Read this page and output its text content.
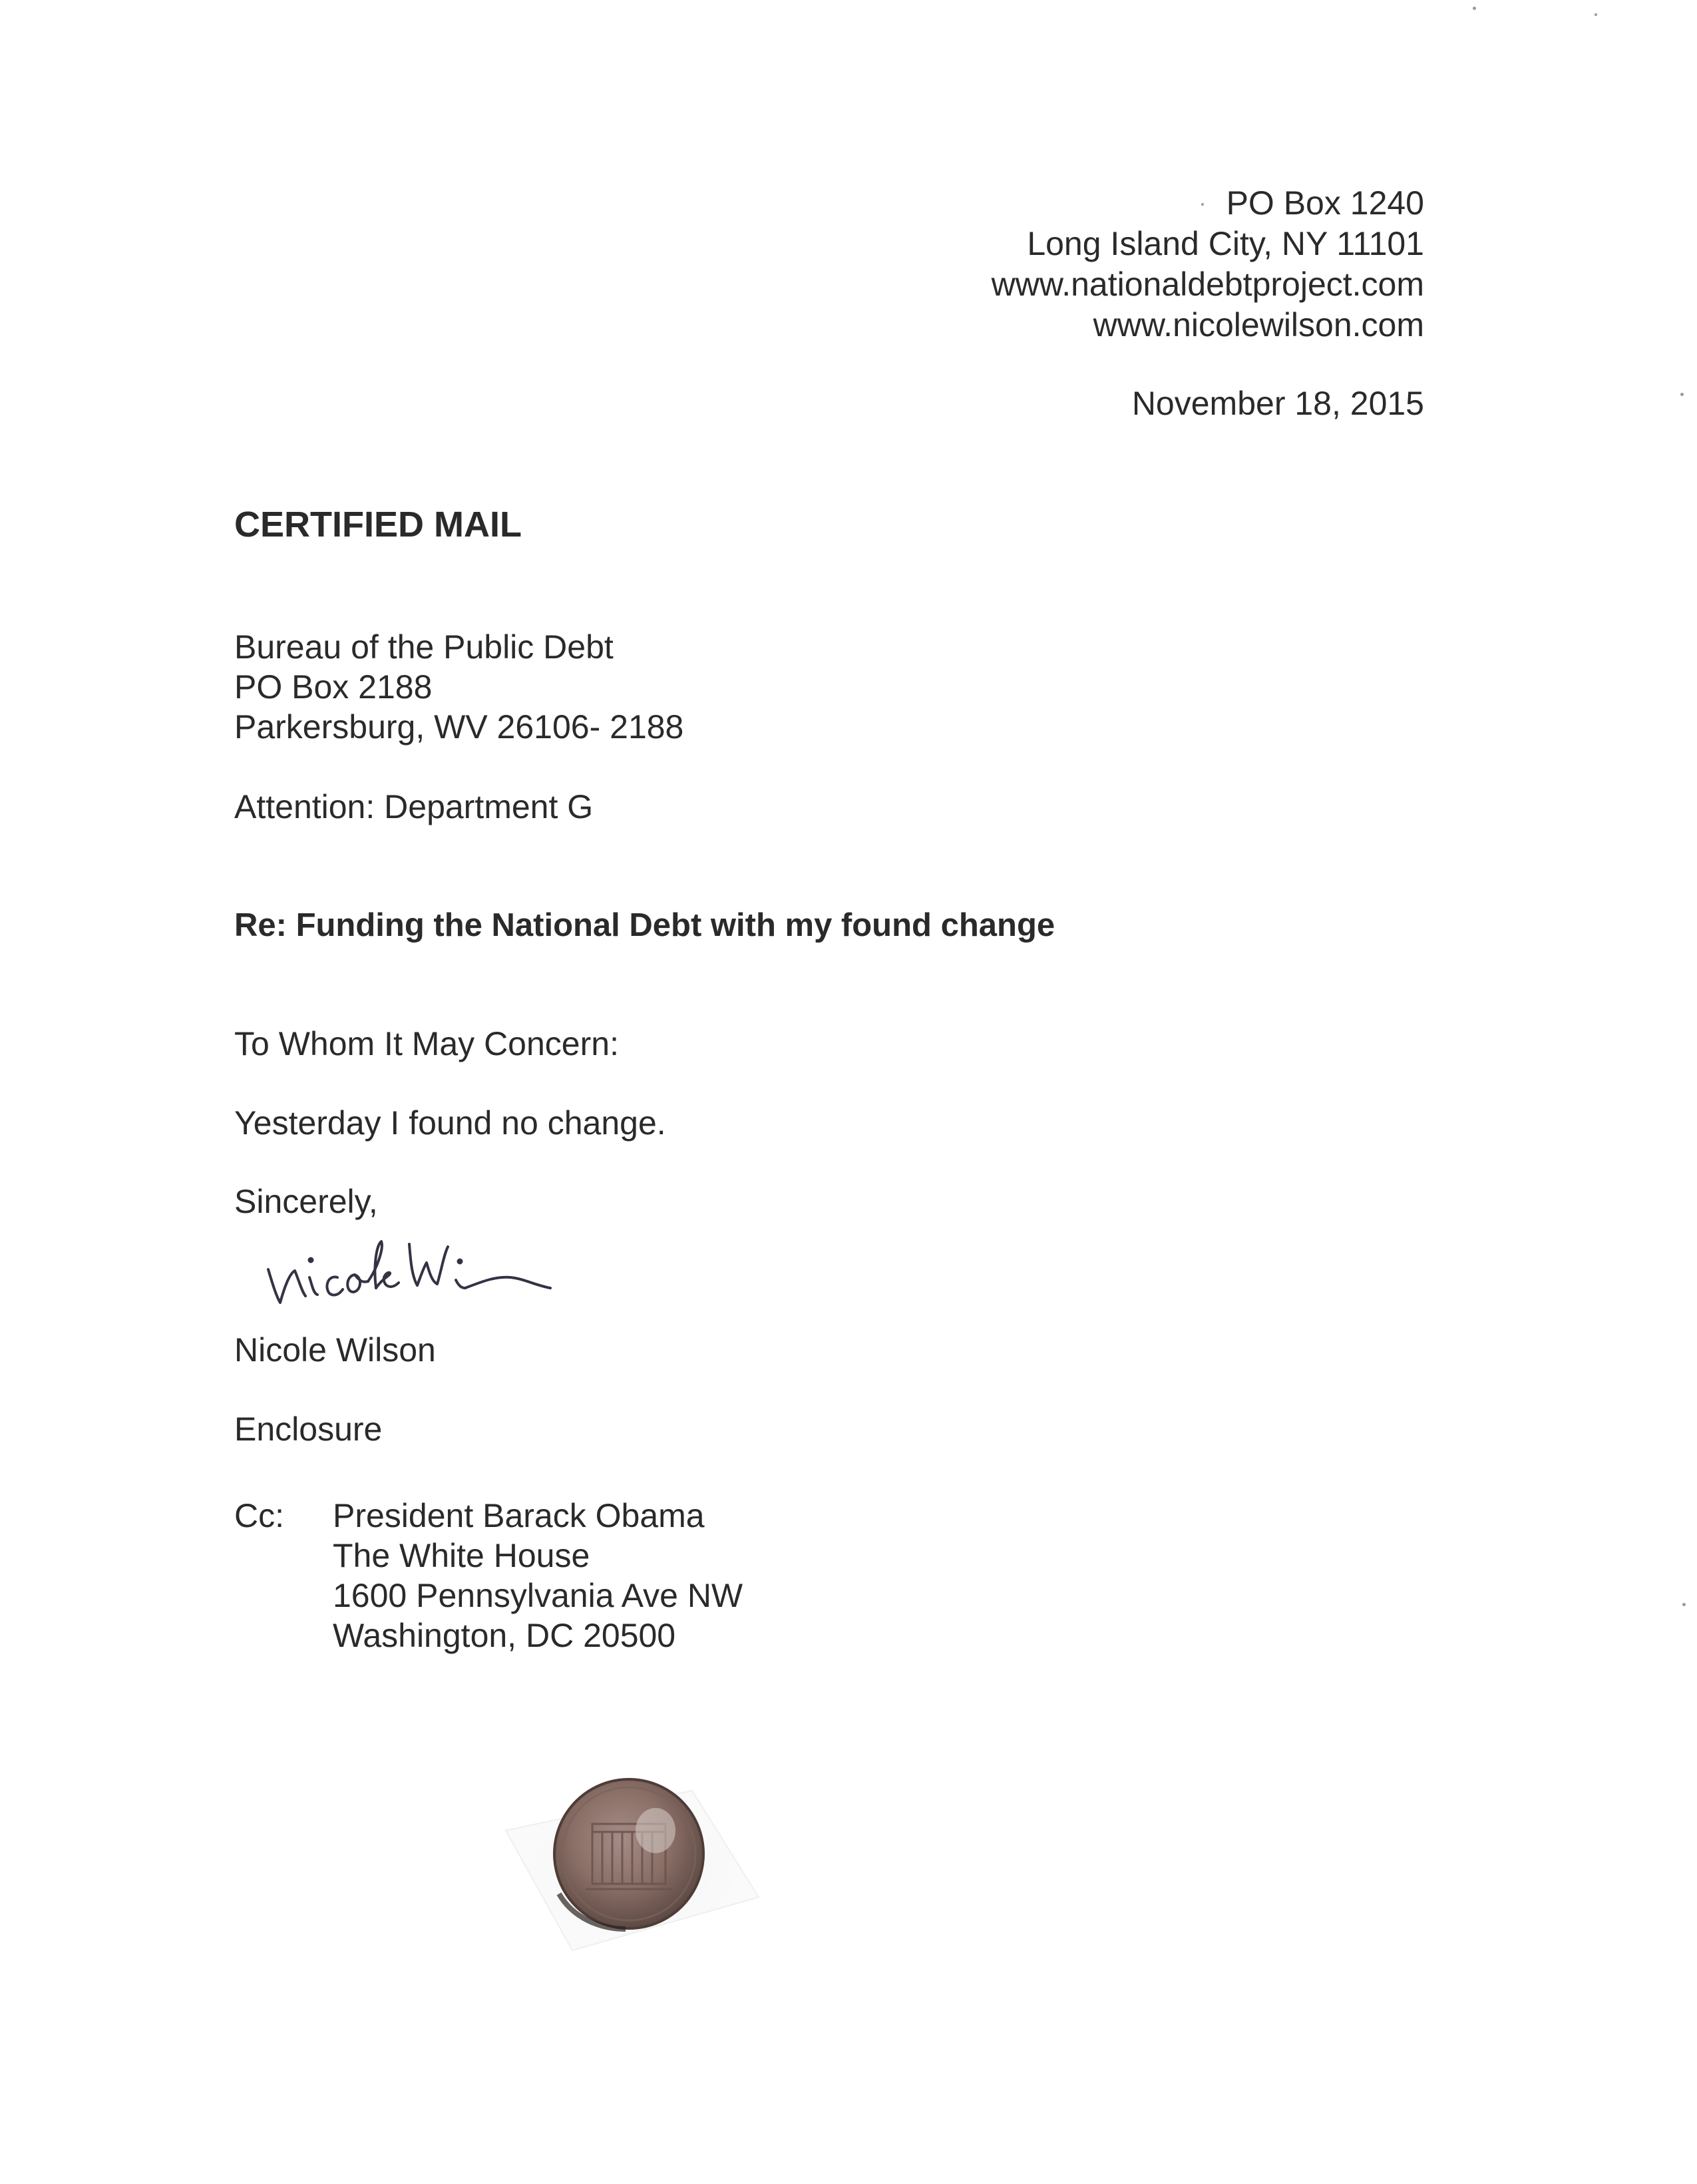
PO Box 1240
Long Island City, NY 11101
www.nationaldebtproject.com
www.nicolewilson.com
November 18, 2015
CERTIFIED MAIL
Bureau of the Public Debt
PO Box 2188
Parkersburg, WV 26106- 2188
Attention: Department G
Re: Funding the National Debt with my found change
To Whom It May Concern:
Yesterday I found no change.
Sincerely,
Nicole Wilson
Enclosure
Cc: President Barack Obama
The White House
1600 Pennsylvania Ave NW
Washington, DC 20500
